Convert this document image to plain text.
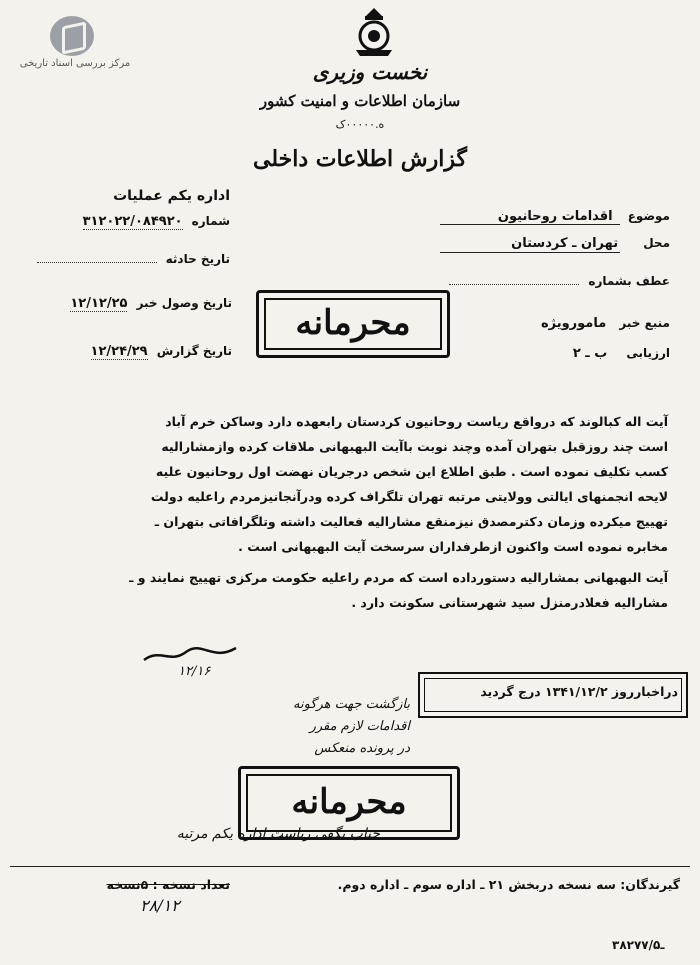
مرکز بررسی اسناد تاریخی	نخست وزیری
سازمان اطلاعات و امنیت کشور
ه.۰۰۰۰۰ک
گزارش اطلاعات داخلی
اداره یکم عملیات
شماره ۳۱۲۰۲۲/۰۸۴۹۲۰
تاریخ حادثه
تاریخ وصول خبر ۱۲/۱۲/۲۵
تاریخ گزارش ۱۲/۲۴/۲۹
موضوع اقدامات روحانیون
محل تهران ـ کردستان
عطف بشماره
منبع خبر مامورویژه
ارزیابی ب ـ ۲
محرمانه
آیت اله کبالوند که درواقع ریاست روحانیون کردستان رابعهده دارد وساکن خرم آباد
است چند روزقبل بتهران آمده وچند نوبت باآیت البهبهانی ملاقات کرده وازمشاراليه
کسب تکلیف نموده است . طبق اطلاع این شخص درجریان نهضت اول روحانیون علیه
لایحه انجمنهای ایالتی وولایتی مرتبه تهران تلگراف کرده ودرآنجانیزمردم راعلیه دولت
تهییج میکرده وزمان دکترمصدق نیزمنقع مشارالیه فعالیت داشته وتلگرافاتی بتهران ـ
مخابره نموده است واکنون ازطرفداران سرسخت آیت البهبهانی است .
آیت البهبهانی بمشارالیه دستورداده است که مردم راعلیه حکومت مرکزی تهییج نمایند و ـ
مشارالیه فعلادرمنزل سید شهرستانی سکونت دارد .
۱۲/۱۶
دراخبارروز ۱۳۴۱/۱۲/۲ درج گردید
بازگشت جهت هرگونه
اقدامات لازم مقرر
در پرونده منعکس
محرمانه
جناب بگقی ریاست اداره یکم مرتبه
گیرندگان: سه نسخه دربخش ۲۱ ـ اداره سوم ـ اداره دوم.
تعداد نسخه : ۵نسخه
۲۸/۱۲
۳۸ـ۲۷۷/۵
